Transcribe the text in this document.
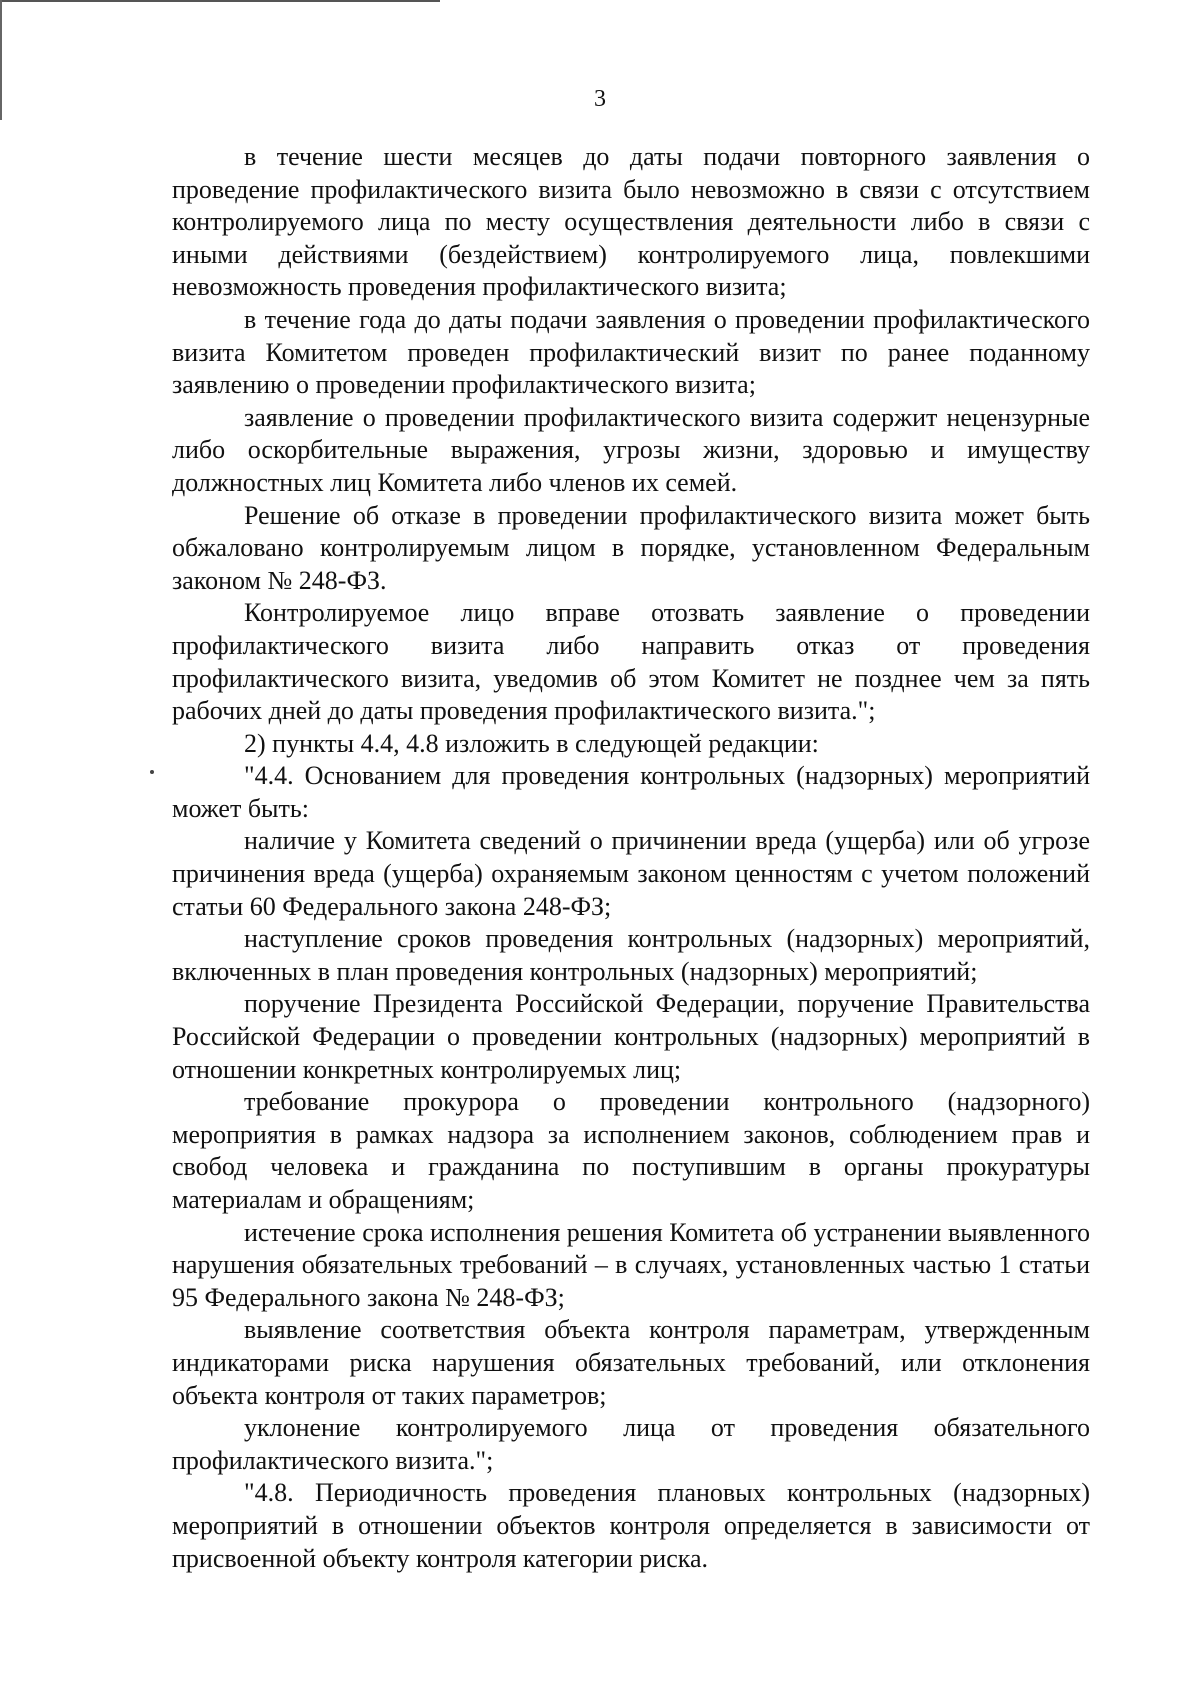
3

в течение шести месяцев до даты подачи повторного заявления о проведение профилактического визита было невозможно в связи с отсутствием контролируемого лица по месту осуществления деятельности либо в связи с иными действиями (бездействием) контролируемого лица, повлекшими невозможность проведения профилактического визита;

в течение года до даты подачи заявления о проведении профилактического визита Комитетом проведен профилактический визит по ранее поданному заявлению о проведении профилактического визита;

заявление о проведении профилактического визита содержит нецензурные либо оскорбительные выражения, угрозы жизни, здоровью и имуществу должностных лиц Комитета либо членов их семей.

Решение об отказе в проведении профилактического визита может быть обжаловано контролируемым лицом в порядке, установленном Федеральным законом № 248-ФЗ.

Контролируемое лицо вправе отозвать заявление о проведении профилактического визита либо направить отказ от проведения профилактического визита, уведомив об этом Комитет не позднее чем за пять рабочих дней до даты проведения профилактического визита.";

2) пункты 4.4, 4.8 изложить в следующей редакции:

"4.4. Основанием для проведения контрольных (надзорных) мероприятий может быть:

наличие у Комитета сведений о причинении вреда (ущерба) или об угрозе причинения вреда (ущерба) охраняемым законом ценностям с учетом положений статьи 60 Федерального закона 248-ФЗ;

наступление сроков проведения контрольных (надзорных) мероприятий, включенных в план проведения контрольных (надзорных) мероприятий;

поручение Президента Российской Федерации, поручение Правительства Российской Федерации о проведении контрольных (надзорных) мероприятий в отношении конкретных контролируемых лиц;

требование прокурора о проведении контрольного (надзорного) мероприятия в рамках надзора за исполнением законов, соблюдением прав и свобод человека и гражданина по поступившим в органы прокуратуры материалам и обращениям;

истечение срока исполнения решения Комитета об устранении выявленного нарушения обязательных требований – в случаях, установленных частью 1 статьи 95 Федерального закона № 248-ФЗ;

выявление соответствия объекта контроля параметрам, утвержденным индикаторами риска нарушения обязательных требований, или отклонения объекта контроля от таких параметров;

уклонение контролируемого лица от проведения обязательного профилактического визита.";

"4.8. Периодичность проведения плановых контрольных (надзорных) мероприятий в отношении объектов контроля определяется в зависимости от присвоенной объекту контроля категории риска.
